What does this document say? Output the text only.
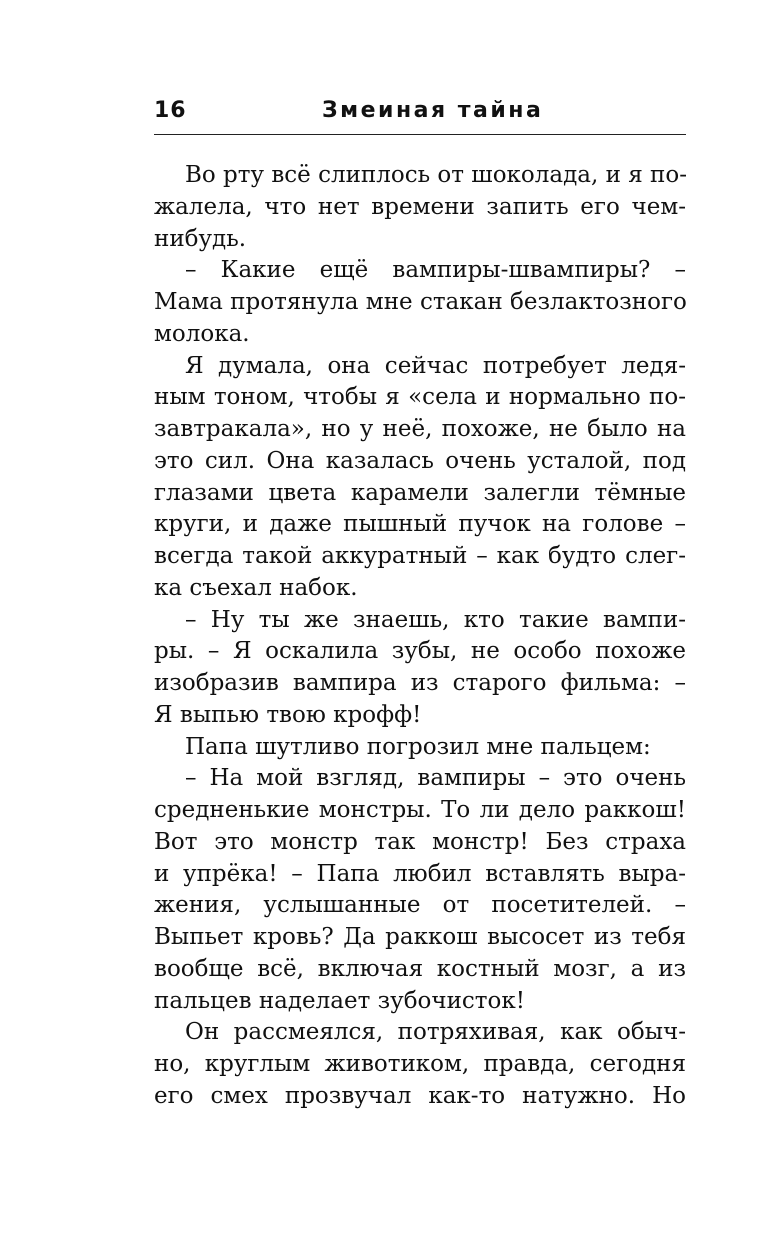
16	Змеиная тайна
Во рту всё слиплось от шоколада, и я по-
жалела, что нет времени запить его чем-
нибудь.
– Какие ещё вампиры-швампиры? –
Мама протянула мне стакан безлактозного
молока.
Я думала, она сейчас потребует ледя-
ным тоном, чтобы я «села и нормально по-
завтракала», но у неё, похоже, не было на
это сил. Она казалась очень усталой, под
глазами цвета карамели залегли тёмные
круги, и даже пышный пучок на голове –
всегда такой аккуратный – как будто слег-
ка съехал набок.
– Ну ты же знаешь, кто такие вампи-
ры. – Я оскалила зубы, не особо похоже
изобразив вампира из старого фильма: –
Я выпью твою крофф!
Папа шутливо погрозил мне пальцем:
– На мой взгляд, вампиры – это очень
средненькие монстры. То ли дело раккош!
Вот это монстр так монстр! Без страха
и упрёка! – Папа любил вставлять выра-
жения, услышанные от посетителей. –
Выпьет кровь? Да раккош высосет из тебя
вообще всё, включая костный мозг, а из
пальцев наделает зубочисток!
Он рассмеялся, потряхивая, как обыч-
но, круглым животиком, правда, сегодня
его смех прозвучал как-то натужно. Но
